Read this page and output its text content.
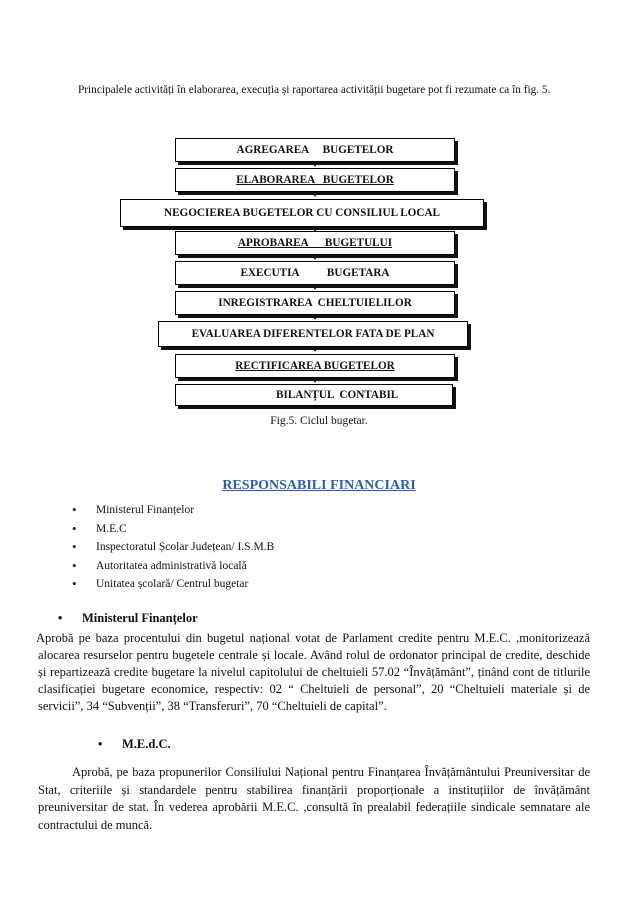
Principalele activități în elaborarea, execuția și raportarea activității bugetare pot fi rezumate ca în fig. 5.
AGREGAREA     BUGETELOR
ELABORAREA   BUGETELOR
NEGOCIEREA BUGETELOR CU CONSILIUL LOCAL
APROBAREA      BUGETULUI
EXECUTIA          BUGETARA
INREGISTRAREA  CHELTUIELILOR
EVALUAREA DIFERENTELOR FATA DE PLAN
RECTIFICAREA BUGETELOR
BILANȚUL  CONTABIL
Fig.5. Ciclul bugetar.
RESPONSABILI FINANCIARI
• Ministerul Finanțelor
• M.E.C
• Inspectoratul Școlar Județean/ I.S.M.B
• Autoritatea administrativă locală
• Unitatea școlară/ Centrul bugetar
• Ministerul Finanțelor
Aprobă pe baza procentului din bugetul național votat de Parlament credite pentru M.E.C. ,monitorizează alocarea resurselor pentru bugetele centrale și locale. Având rolul de ordonator principal de credite, deschide și repartizează credite bugetare la nivelul capitolului de cheltuieli 57.02 “Învățământ”, ținând cont de titlurile clasificației bugetare economice, respectiv: 02 “ Cheltuieli de personal”, 20 “Cheltuieli materiale și de servicii”, 34 “Subvenții”, 38 “Transferuri”, 70 “Cheltuieli de capital”.
• M.E.d.C.
Aprobă, pe baza propunerilor Consiliului Național pentru Finanțarea Învățământului Preuniversitar de Stat, criteriile și standardele pentru stabilirea finanțării proporționale a instituțiilor de învățământ preuniversitar de stat. În vederea aprobării M.E.C. ,consultă în prealabil federațiile sindicale semnatare ale contractului de muncă.
